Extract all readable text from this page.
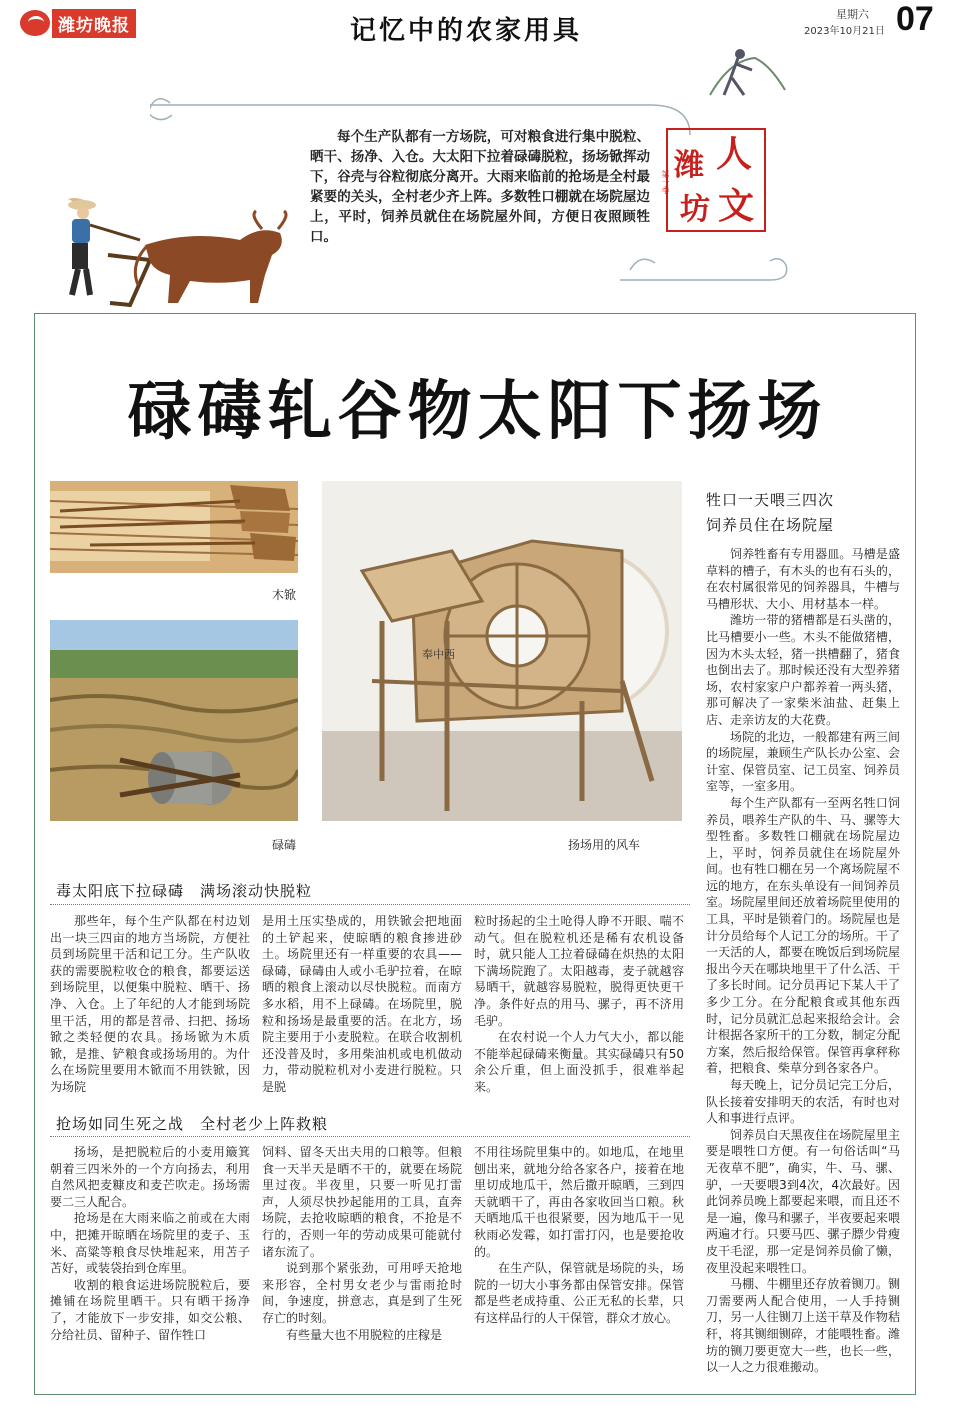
潍坊晚报	记忆中的农家用具
星期六
2023年10月21日 07
每个生产队都有一方场院，可对粮食进行集中脱粒、晒干、扬净、入仓。大太阳下拉着碌碡脱粒，扬场锨挥动下，谷壳与谷粒彻底分离开。大雨来临前的抢场是全村最紧要的关头，全村老少齐上阵。多数牲口棚就在场院屋边上，平时，饲养员就住在场院屋外间，方便日夜照顾牲口。
人
潍
文
坊
第一季
碌碡轧谷物太阳下扬场
木锨
碌碡
奉中西
扬场用的风车
牲口一天喂三四次
饲养员住在场院屋

饲养牲畜有专用器皿。马槽是盛草料的槽子，有木头的也有石头的，在农村属很常见的饲养器具，牛槽与马槽形状、大小、用材基本一样。

潍坊一带的猪槽都是石头凿的，比马槽要小一些。木头不能做猪槽，因为木头太轻，猪一拱槽翻了，猪食也倒出去了。那时候还没有大型养猪场，农村家家户户都养着一两头猪，那可解决了一家柴米油盐、赶集上店、走亲访友的大花费。

场院的北边，一般都建有两三间的场院屋，兼顾生产队长办公室、会计室、保管员室、记工员室、饲养员室等，一室多用。

每个生产队都有一至两名牲口饲养员，喂养生产队的牛、马、骡等大型牲畜。多数牲口棚就在场院屋边上，平时，饲养员就住在场院屋外间。也有牲口棚在另一个离场院屋不远的地方，在东头单设有一间饲养员室。场院屋里间还放着场院里使用的工具，平时是锁着门的。场院屋也是计分员给每个人记工分的场所。干了一天活的人，都要在晚饭后到场院屋报出今天在哪块地里干了什么活、干了多长时间。记分员再记下某人干了多少工分。在分配粮食或其他东西时，记分员就汇总起来报给会计。会计根据各家所干的工分数，制定分配方案，然后报给保管。保管再拿秤称着，把粮食、柴草分到各家各户。

每天晚上，记分员记完工分后，队长接着安排明天的农活，有时也对人和事进行点评。

饲养员白天黑夜住在场院屋里主要是喂牲口方便。有一句俗话叫“马无夜草不肥”，确实，牛、马、骡、驴，一天要喂3到4次，4次最好。因此饲养员晚上都要起来喂，而且还不是一遍，像马和骡子，半夜要起来喂两遍才行。只要马匹、骡子膘少骨瘦皮干毛涩，那一定是饲养员偷了懒，夜里没起来喂牲口。

马棚、牛棚里还存放着铡刀。铡刀需要两人配合使用，一人手持铡刀，另一人往铡刀上送干草及作物秸秆，将其铡细铡碎，才能喂牲畜。潍坊的铡刀要更宽大一些，也长一些，以一人之力很难搬动。

毒太阳底下拉碌碡　满场滚动快脱粒

那些年，每个生产队都在村边划出一块三四亩的地方当场院，方便社员到场院里干活和记工分。生产队收获的需要脱粒收仓的粮食，都要运送到场院里，以便集中脱粒、晒干、扬净、入仓。上了年纪的人才能到场院里干活，用的都是苕帚、扫把、扬场锨之类轻便的农具。扬场锨为木质锨，是推、铲粮食或扬场用的。为什么在场院里要用木锨而不用铁锨，因为场院

是用土压实垫成的，用铁锨会把地面的土铲起来，使晾晒的粮食掺进砂土。场院里还有一样重要的农具——碌碡，碌碡由人或小毛驴拉着，在晾晒的粮食上滚动以尽快脱粒。而南方多水稻，用不上碌碡。在场院里，脱粒和扬场是最重要的活。在北方，场院主要用于小麦脱粒。在联合收割机还没普及时，多用柴油机或电机做动力，带动脱粒机对小麦进行脱粒。只是脱

粒时扬起的尘土呛得人睁不开眼、喘不动气。但在脱粒机还是稀有农机设备时，就只能人工拉着碌碡在炽热的太阳下满场院跑了。太阳越毒，麦子就越容易晒干，就越容易脱粒，脱得更快更干净。条件好点的用马、骡子，再不济用毛驴。

在农村说一个人力气大小，都以能不能举起碌碡来衡量。其实碌碡只有50余公斤重，但上面没抓手，很难举起来。

抢场如同生死之战　全村老少上阵救粮

扬场，是把脱粒后的小麦用簸箕朝着三四米外的一个方向扬去，利用自然风把麦糠皮和麦芒吹走。扬场需要二三人配合。

抢场是在大雨来临之前或在大雨中，把摊开晾晒在场院里的麦子、玉米、高粱等粮食尽快堆起来，用苫子苫好，或装袋抬到仓库里。

收割的粮食运进场院脱粒后，要摊铺在场院里晒干。只有晒干扬净了，才能放下一步安排，如交公粮、分给社员、留种子、留作牲口

饲料、留冬天出夫用的口粮等。但粮食一天半天是晒不干的，就要在场院里过夜。半夜里，只要一听见打雷声，人须尽快抄起能用的工具，直奔场院，去抢收晾晒的粮食，不抢是不行的，否则一年的劳动成果可能就付诸东流了。

说到那个紧张劲，可用呼天抢地来形容，全村男女老少与雷雨抢时间，争速度，拼意志，真是到了生死存亡的时刻。

有些量大也不用脱粒的庄稼是

不用往场院里集中的。如地瓜，在地里刨出来，就地分给各家各户，接着在地里切成地瓜干，然后撒开晾晒，三到四天就晒干了，再由各家收回当口粮。秋天晒地瓜干也很紧要，因为地瓜干一见秋雨必发霉，如打雷打闪，也是要抢收的。

在生产队，保管就是场院的头，场院的一切大小事务都由保管安排。保管都是些老成持重、公正无私的长辈，只有这样品行的人干保管，群众才放心。
